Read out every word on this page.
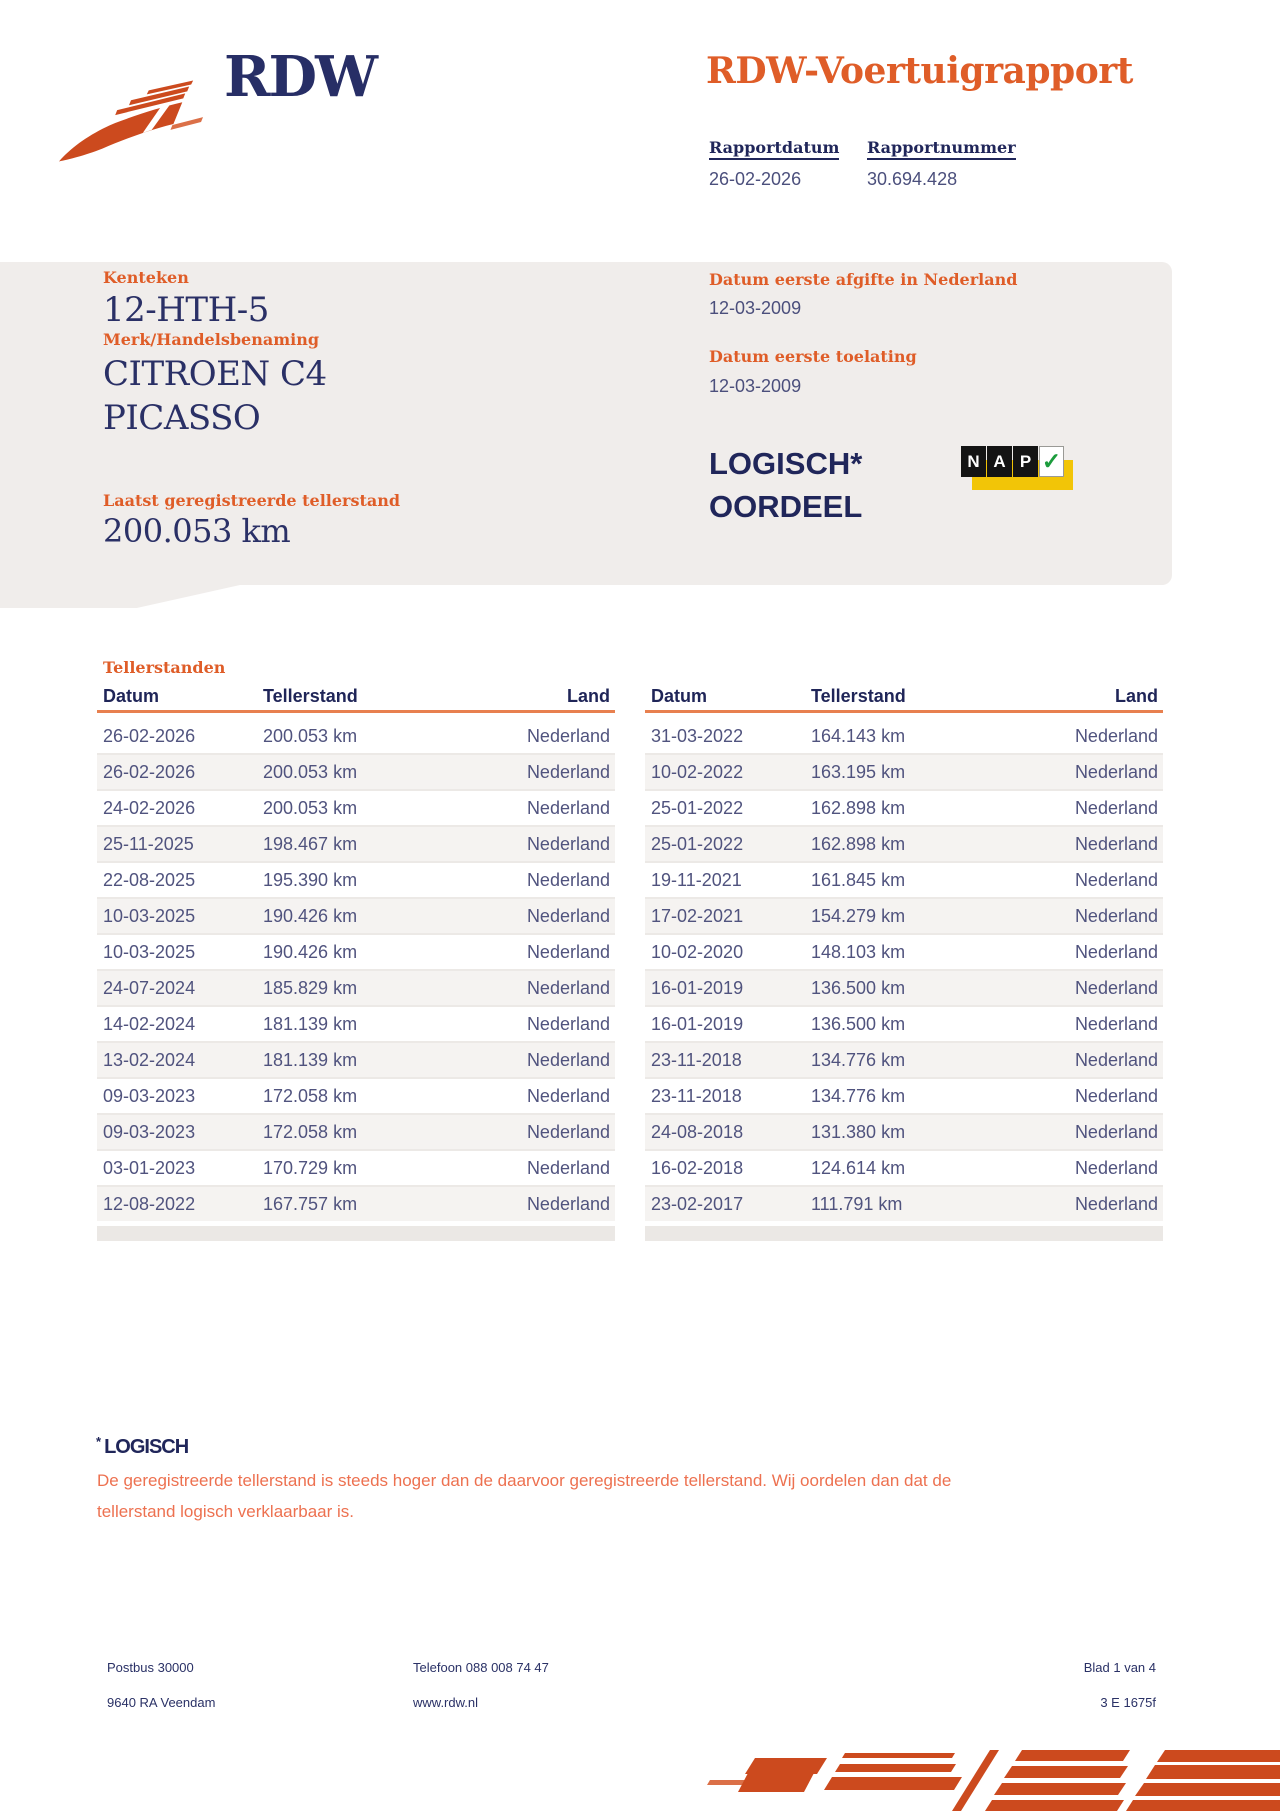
RDW	RDW-Voertuigrapport
Rapportdatum
26-02-2026
Rapportnummer
30.694.428
Kenteken
12-HTH-5
Merk/Handelsbenaming
CITROEN C4
PICASSO
Laatst geregistreerde tellerstand
200.053 km
Datum eerste afgifte in Nederland
12-03-2009
Datum eerste toelating
12-03-2009
LOGISCH*
OORDEEL
N A P ✓
Tellerstanden
Datum	Tellerstand	Land
26-02-2026	200.053 km	Nederland
26-02-2026	200.053 km	Nederland
24-02-2026	200.053 km	Nederland
25-11-2025	198.467 km	Nederland
22-08-2025	195.390 km	Nederland
10-03-2025	190.426 km	Nederland
10-03-2025	190.426 km	Nederland
24-07-2024	185.829 km	Nederland
14-02-2024	181.139 km	Nederland
13-02-2024	181.139 km	Nederland
09-03-2023	172.058 km	Nederland
09-03-2023	172.058 km	Nederland
03-01-2023	170.729 km	Nederland
12-08-2022	167.757 km	Nederland
Datum	Tellerstand	Land
31-03-2022	164.143 km	Nederland
10-02-2022	163.195 km	Nederland
25-01-2022	162.898 km	Nederland
25-01-2022	162.898 km	Nederland
19-11-2021	161.845 km	Nederland
17-02-2021	154.279 km	Nederland
10-02-2020	148.103 km	Nederland
16-01-2019	136.500 km	Nederland
16-01-2019	136.500 km	Nederland
23-11-2018	134.776 km	Nederland
23-11-2018	134.776 km	Nederland
24-08-2018	131.380 km	Nederland
16-02-2018	124.614 km	Nederland
23-02-2017	111.791 km	Nederland
* LOGISCH
De geregistreerde tellerstand is steeds hoger dan de daarvoor geregistreerde tellerstand. Wij oordelen dan dat de
tellerstand logisch verklaarbaar is.
Postbus 30000
9640 RA Veendam
Telefoon 088 008 74 47
www.rdw.nl
Blad 1 van 4
3 E 1675f
